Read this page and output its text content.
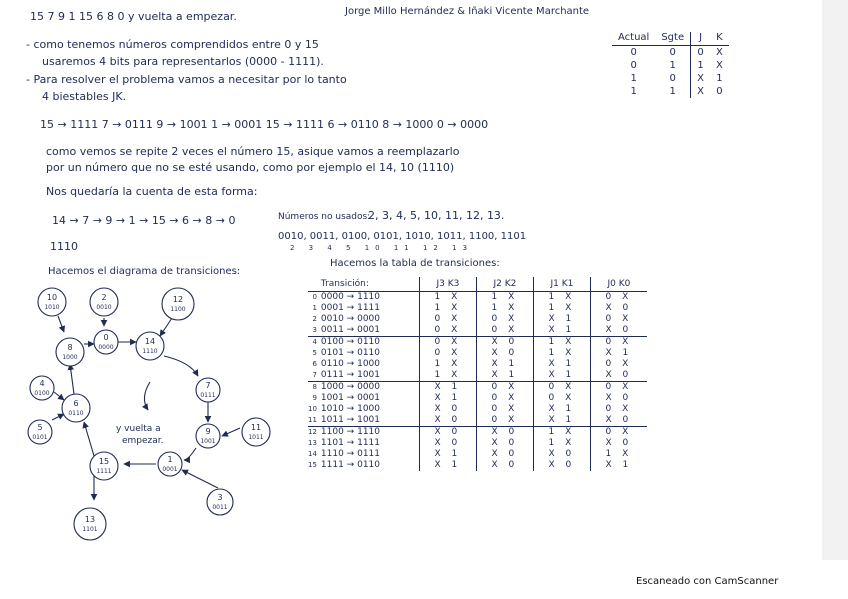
15 7 9 1 15 6 8 0 y vuelta a empezar.	Jorge Millo Hernández & Iñaki Vicente Marchante
- como tenemos números comprendidos entre 0 y 15
usaremos 4 bits para representarlos (0000 - 1111).
- Para resolver el problema vamos a necesitar por lo tanto
4 biestables JK.
Actual	Sgte	J	K
0	0	0	X
0	1	1	X
1	0	X	1
1	1	X	0
15 → 1111 7 → 0111 9 → 1001 1 → 0001 15 → 1111 6 → 0110 8 → 1000 0 → 0000
como vemos se repite 2 veces el número 15, asique vamos a reemplazarlo
por un número que no se esté usando, como por ejemplo el 14, 10 (1110)
Nos quedaría la cuenta de esta forma:
14 → 7 → 9 → 1 → 15 → 6 → 8 → 0	Números no usados:
2, 3, 4, 5, 10, 11, 12, 13.
0010, 0011, 0100, 0101, 1010, 1011, 1100, 1101
2 3 4 5 10 11 12 13
1110
Hacemos el diagrama de transiciones:
Hacemos la tabla de transiciones:
10
1010
2
0010
12
1100
8
1000
0
0000
14
1110
4
0100
7
0111
6
0110
5
0101
9
1001
11
1011
1
0001
15
1111
3
0011
13
1101
y vuelta a
empezar.
	Transición:	J3 K3	J2 K2	J1 K1	J0 K0
0	0000 → 1110	1 X	1 X	1 X	0 X
1	0001 → 1111	1 X	1 X	1 X	X 0
2	0010 → 0000	0 X	0 X	X 1	0 X
3	0011 → 0001	0 X	0 X	X 1	X 0
4	0100 → 0110	0 X	X 0	1 X	0 X
5	0101 → 0110	0 X	X 0	1 X	X 1
6	0110 → 1000	1 X	X 1	X 1	0 X
7	0111 → 1001	1 X	X 1	X 1	X 0
8	1000 → 0000	X 1	0 X	0 X	0 X
9	1001 → 0001	X 1	0 X	0 X	X 0
10	1010 → 1000	X 0	0 X	X 1	0 X
11	1011 → 1001	X 0	0 X	X 1	X 0
12	1100 → 1110	X 0	X 0	1 X	0 X
13	1101 → 1111	X 0	X 0	1 X	X 0
14	1110 → 0111	X 1	X 0	X 0	1 X
15	1111 → 0110	X 1	X 0	X 0	X 1
Escaneado con CamScanner
